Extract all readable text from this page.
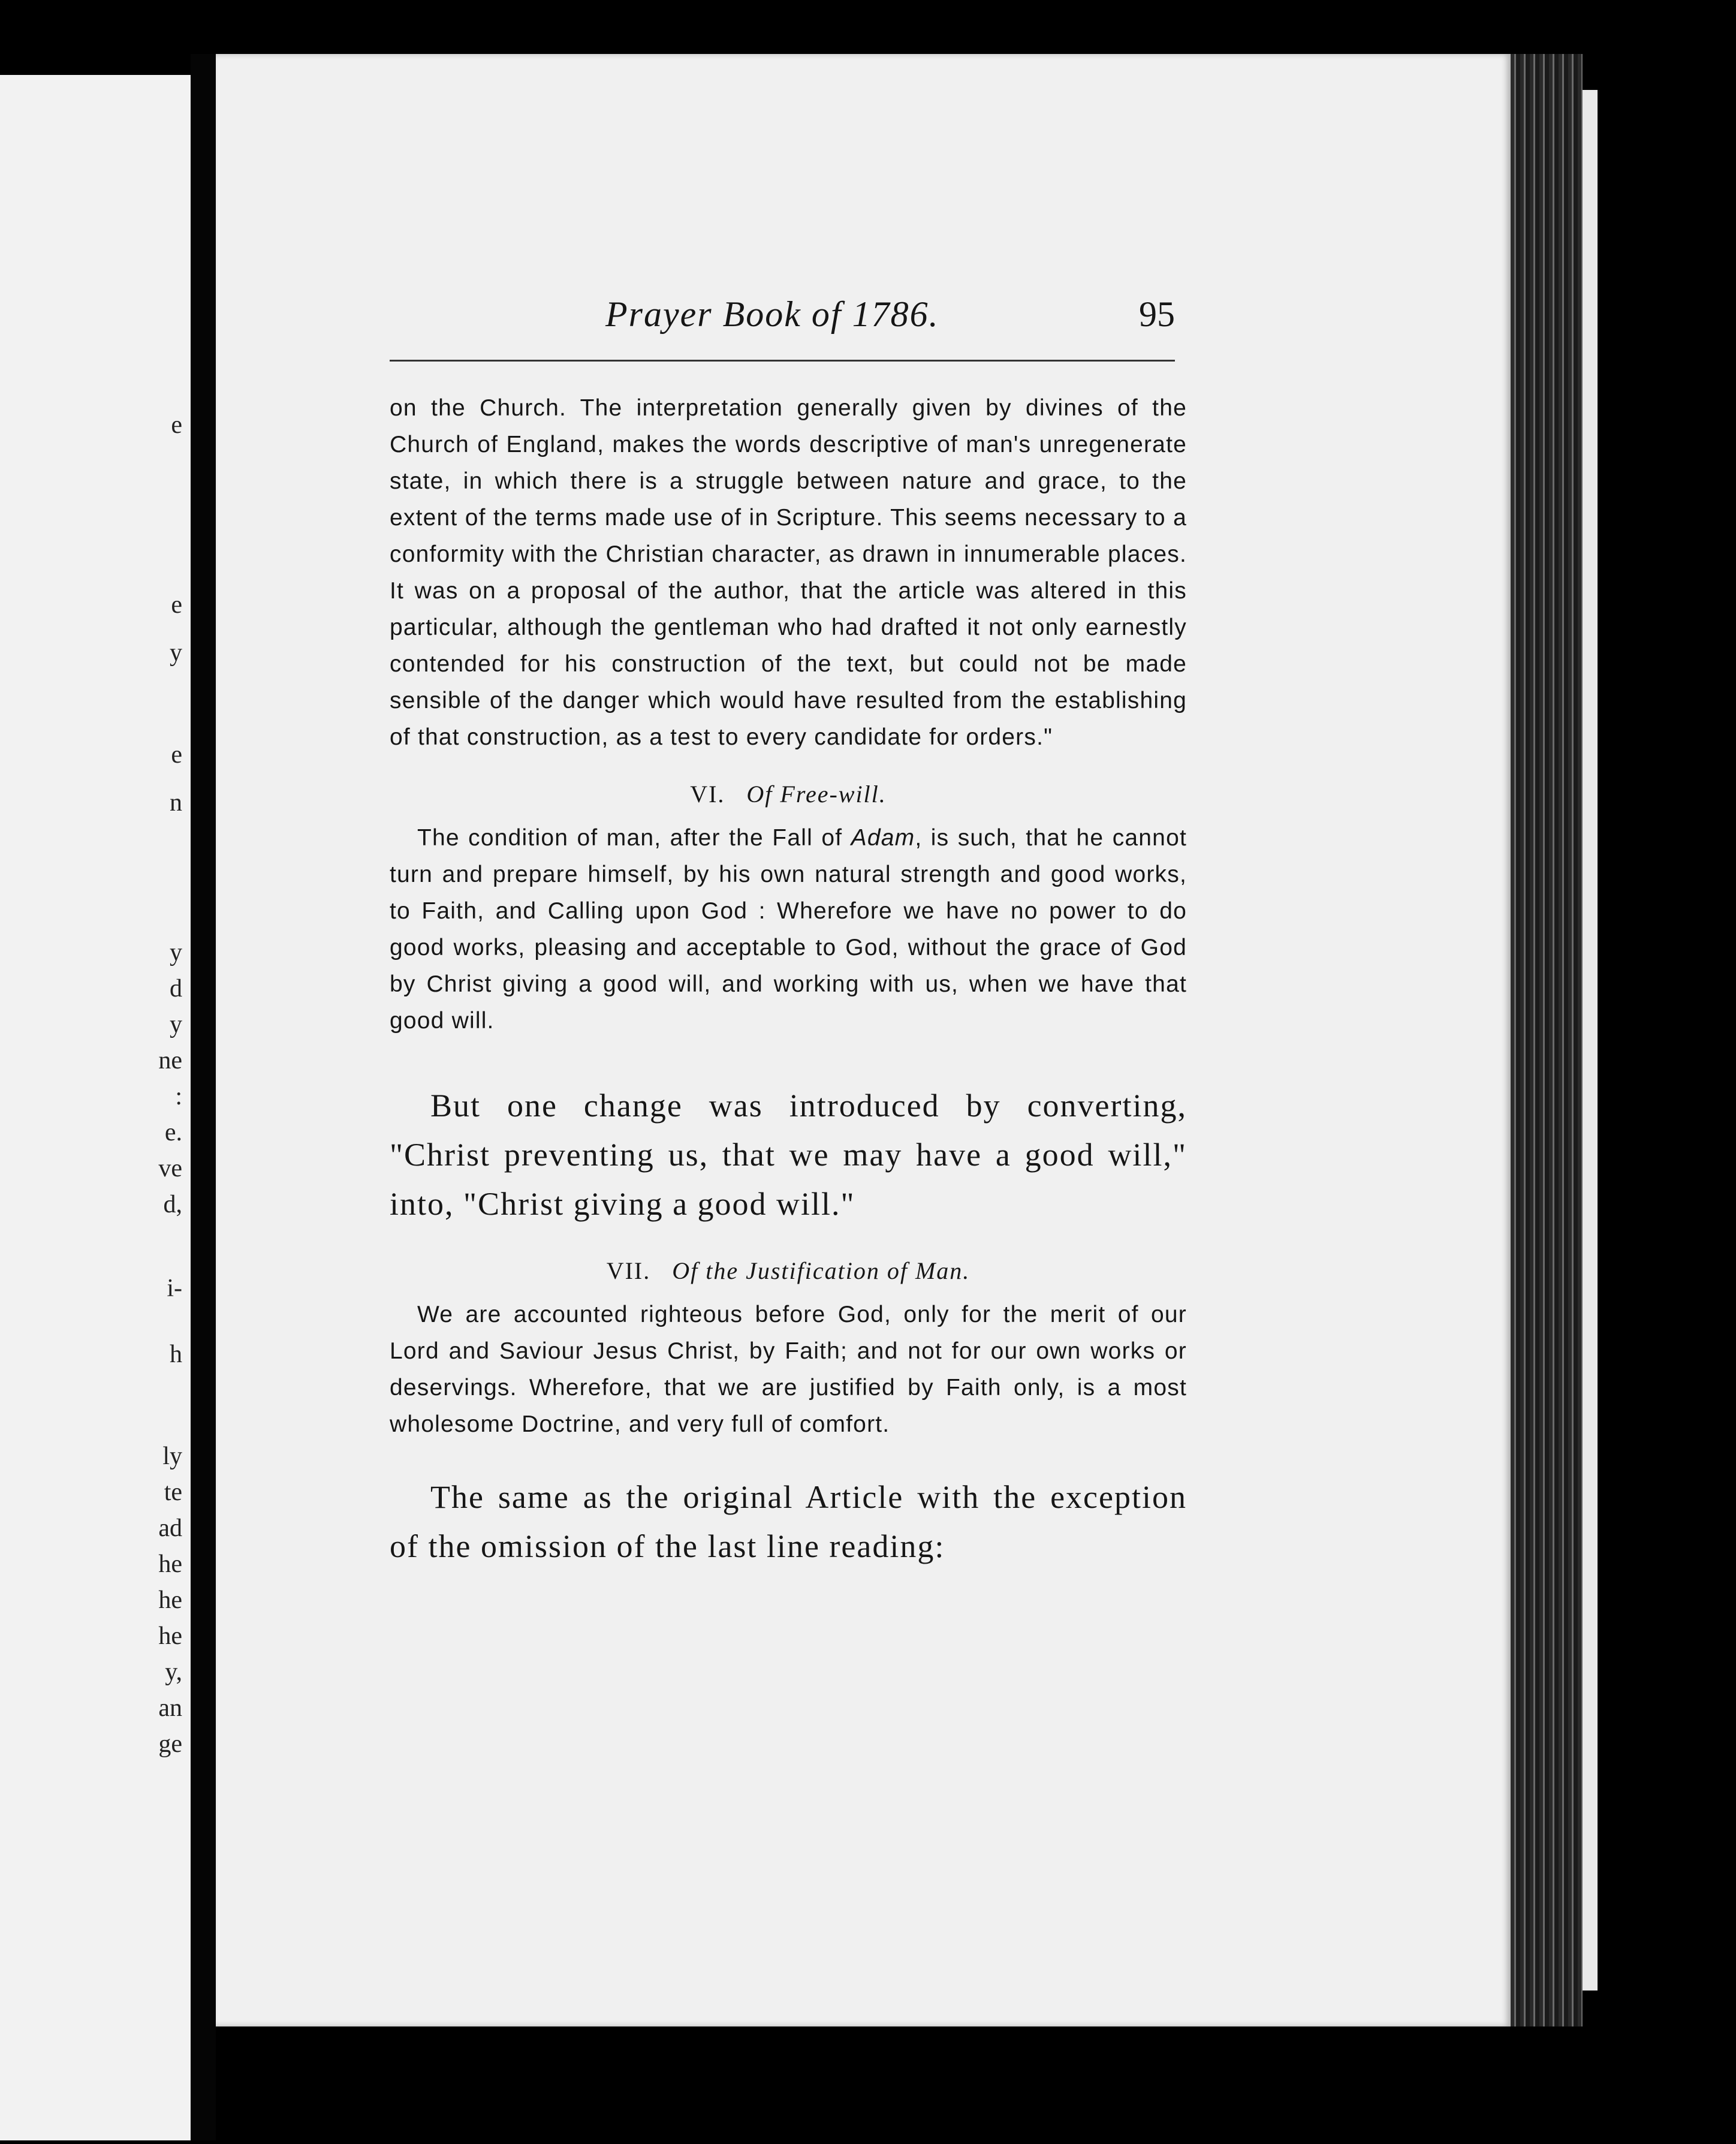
e
e
y
e
n
y
d
y
ne
:
e.
ve
d,
i-
h
ly
te
ad
he
he
he
y,
an
ge
Prayer Book of 1786.	95

on the Church. The interpretation generally given by divines of the Church of England, makes the words descriptive of man's unregenerate state, in which there is a struggle between nature and grace, to the extent of the terms made use of in Scripture. This seems necessary to a conformity with the Christian character, as drawn in innumerable places. It was on a proposal of the author, that the article was altered in this particular, although the gentleman who had drafted it not only earnestly contended for his construction of the text, but could not be made sensible of the danger which would have resulted from the establishing of that construction, as a test to every candidate for orders."

VI. Of Free-will.

The condition of man, after the Fall of Adam, is such, that he cannot turn and prepare himself, by his own natural strength and good works, to Faith, and Calling upon God : Wherefore we have no power to do good works, pleasing and acceptable to God, without the grace of God by Christ giving a good will, and working with us, when we have that good will.

But one change was introduced by converting, "Christ preventing us, that we may have a good will," into, "Christ giving a good will."

VII. Of the Justification of Man.

We are accounted righteous before God, only for the merit of our Lord and Saviour Jesus Christ, by Faith; and not for our own works or deservings. Wherefore, that we are justified by Faith only, is a most wholesome Doctrine, and very full of comfort.

The same as the original Article with the exception of the omission of the last line reading:
